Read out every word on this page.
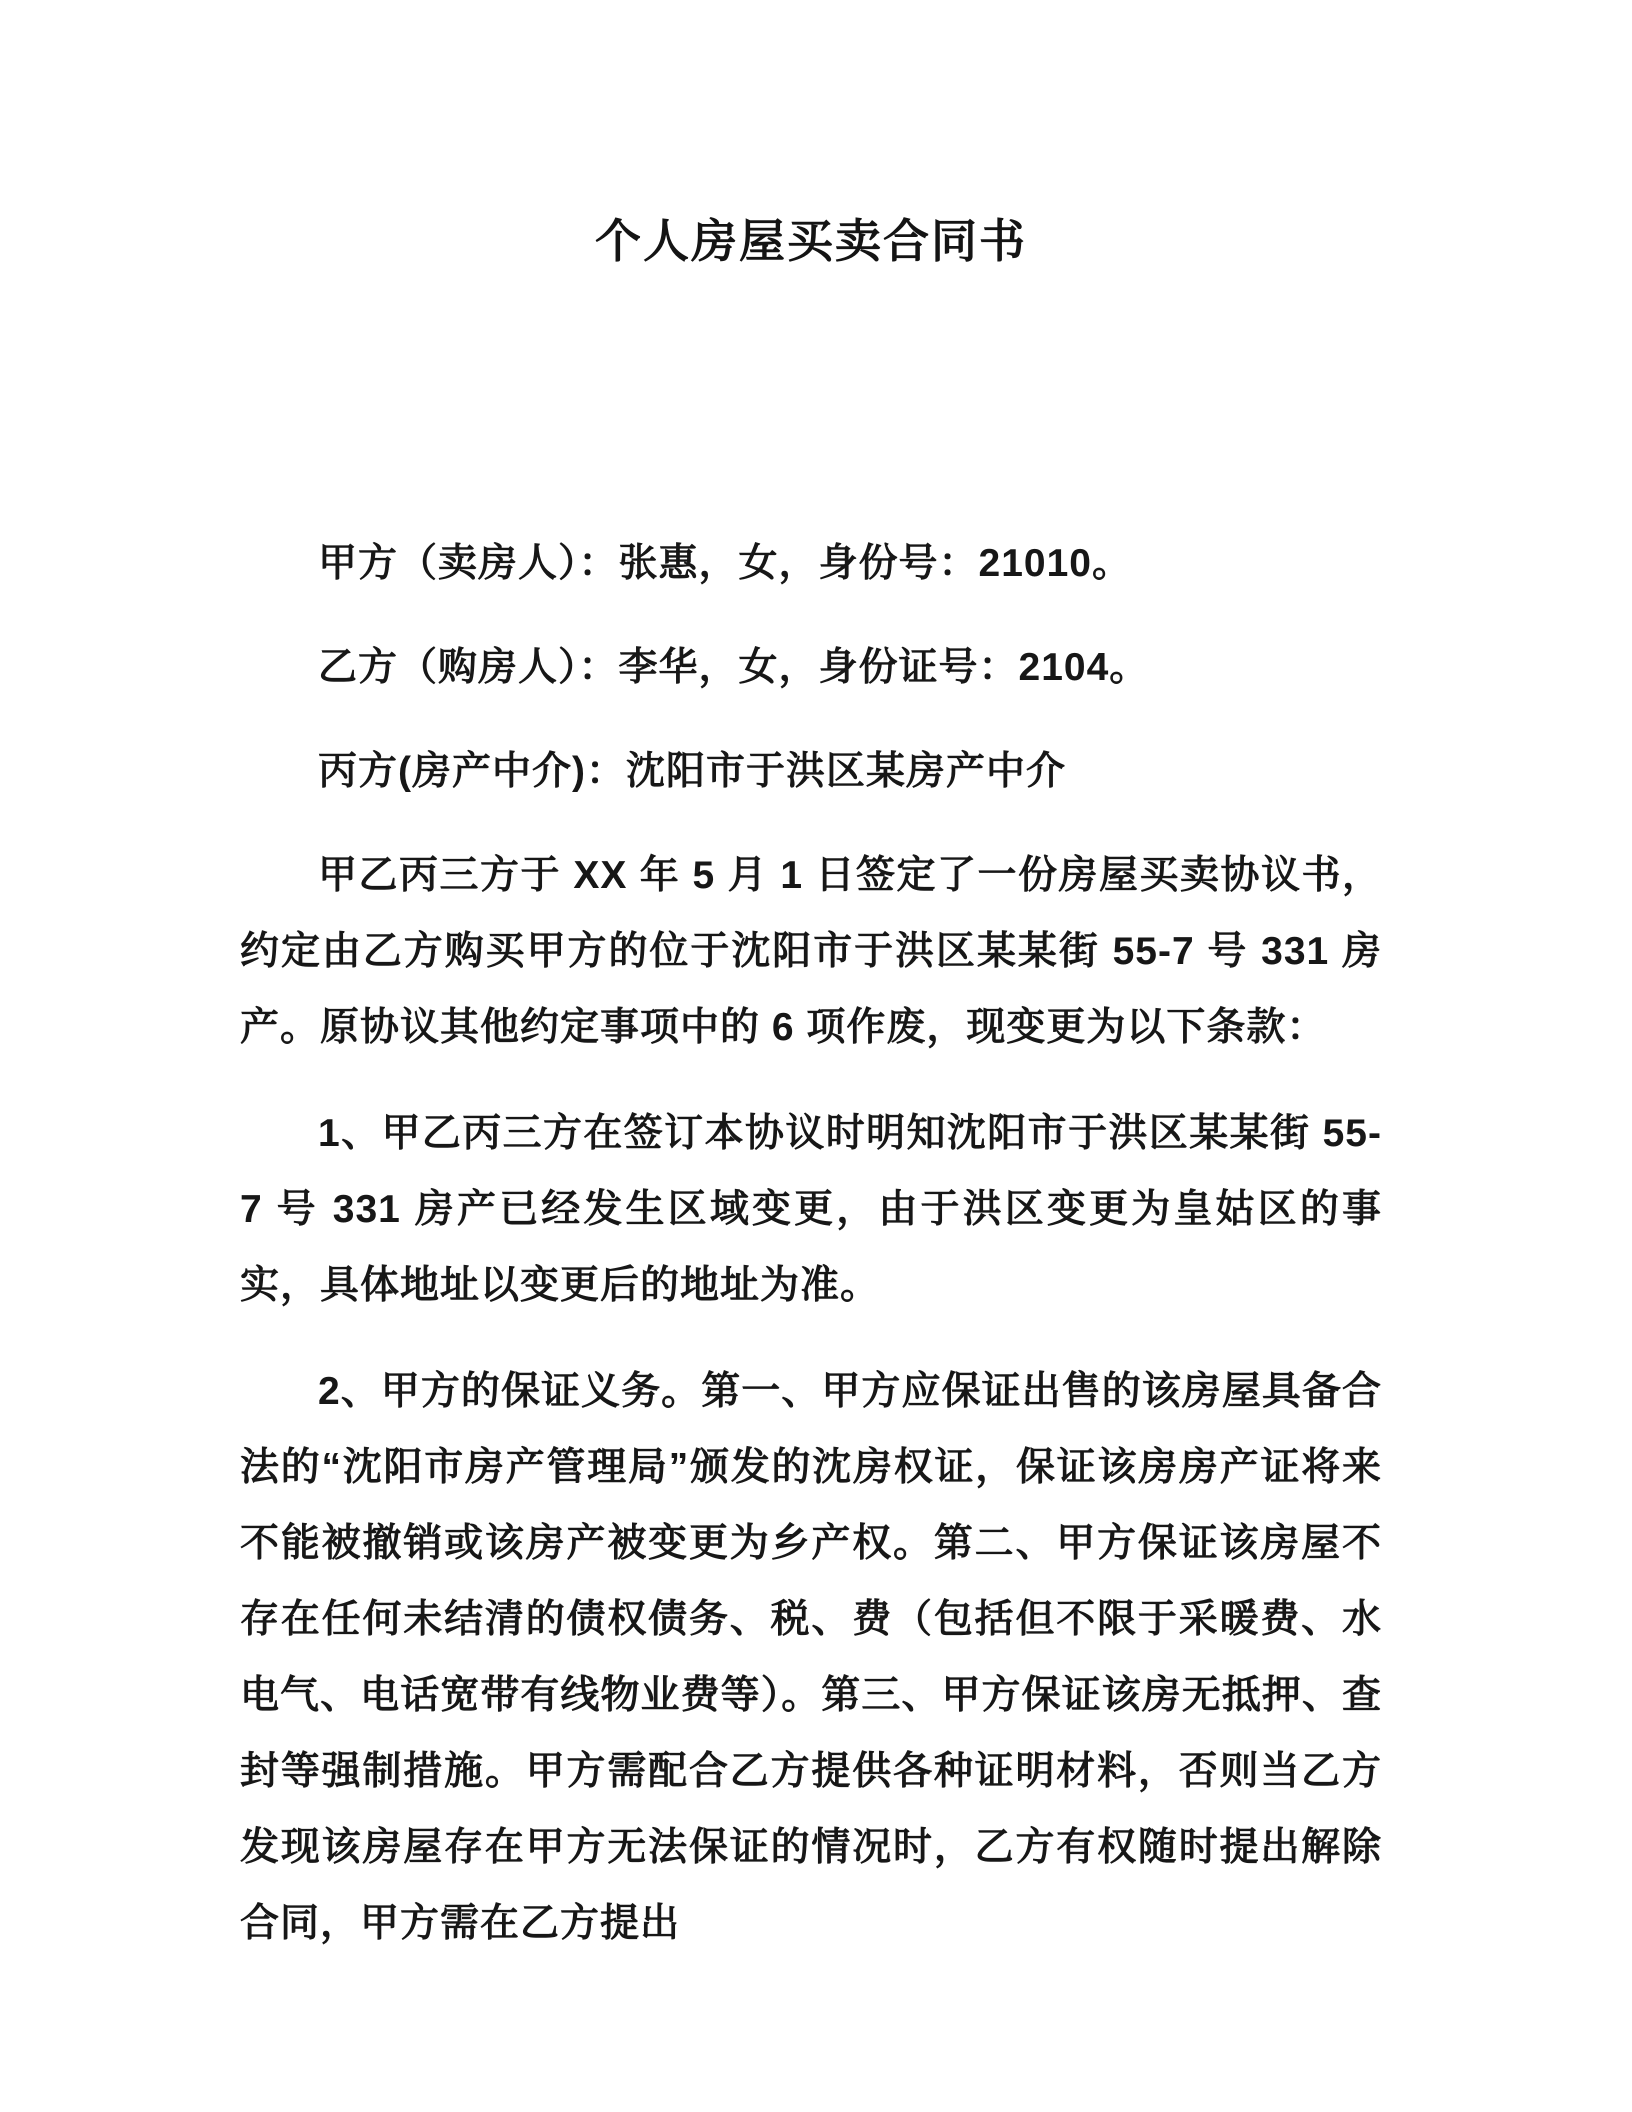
个人房屋买卖合同书

甲方（卖房人）：张惠，女，身份号：21010。

乙方（购房人）：李华，女，身份证号：2104。

丙方(房产中介)：沈阳市于洪区某房产中介

甲乙丙三方于 XX 年 5 月 1 日签定了一份房屋买卖协议书，约定由乙方购买甲方的位于沈阳市于洪区某某街 55-7 号 331 房产。原协议其他约定事项中的 6 项作废，现变更为以下条款：

1、甲乙丙三方在签订本协议时明知沈阳市于洪区某某街 55-7 号 331 房产已经发生区域变更，由于洪区变更为皇姑区的事实，具体地址以变更后的地址为准。

2、甲方的保证义务。第一、甲方应保证出售的该房屋具备合法的“沈阳市房产管理局”颁发的沈房权证，保证该房房产证将来不能被撤销或该房产被变更为乡产权。第二、甲方保证该房屋不存在任何未结清的债权债务、税、费（包括但不限于采暖费、水电气、电话宽带有线物业费等）。第三、甲方保证该房无抵押、查封等强制措施。甲方需配合乙方提供各种证明材料，否则当乙方发现该房屋存在甲方无法保证的情况时，乙方有权随时提出解除合同，甲方需在乙方提出
